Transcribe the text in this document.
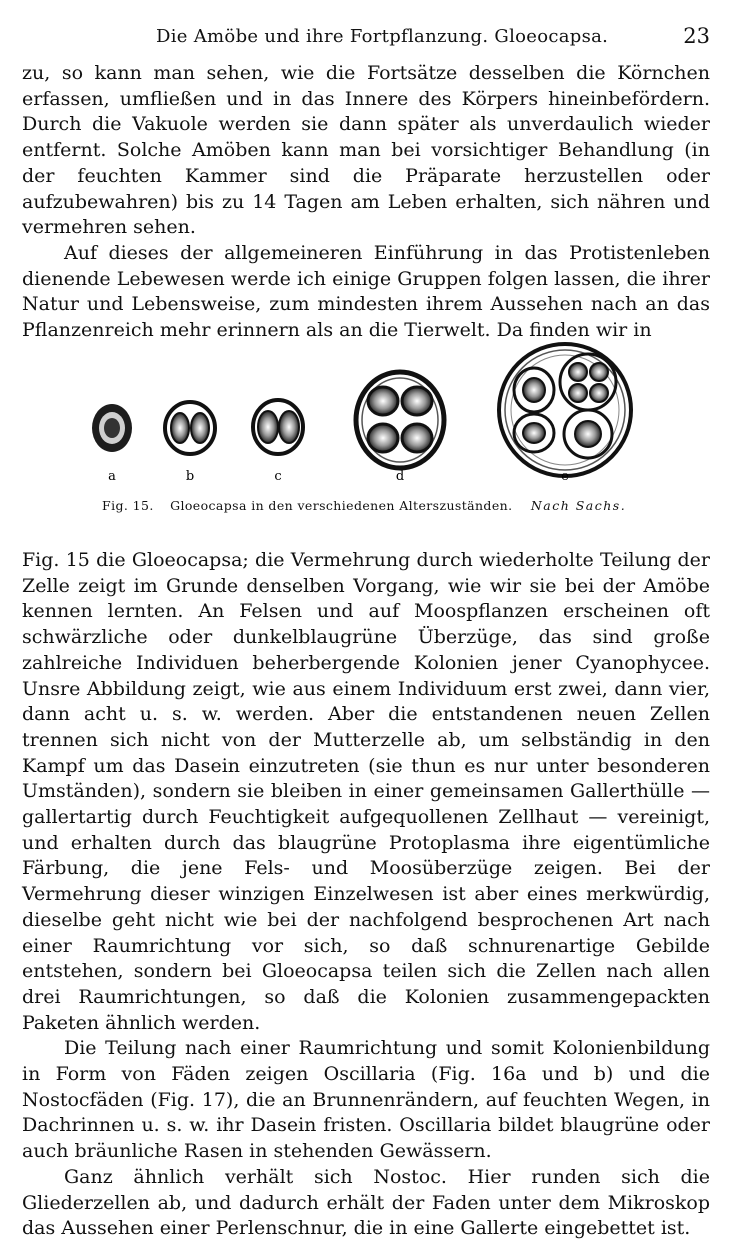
Die Amöbe und ihre Fortpflanzung. Gloeocapsa.	23

zu, so kann man sehen, wie die Fortsätze desselben die Körnchen erfassen, umfließen und in das Innere des Körpers hineinbefördern. Durch die Vakuole werden sie dann später als unverdaulich wieder entfernt. Solche Amöben kann man bei vorsichtiger Behandlung (in der feuchten Kammer sind die Präparate herzustellen oder aufzubewahren) bis zu 14 Tagen am Leben erhalten, sich nähren und vermehren sehen.

Auf dieses der allgemeineren Einführung in das Protistenleben dienende Lebewesen werde ich einige Gruppen folgen lassen, die ihrer Natur und Lebensweise, zum mindesten ihrem Aussehen nach an das Pflanzenreich mehr erinnern als an die Tierwelt. Da finden wir in

a	b	c	d	e
Fig. 15. Gloeocapsa in den verschiedenen Alterszuständen. Nach Sachs.

Fig. 15 die Gloeocapsa; die Vermehrung durch wiederholte Teilung der Zelle zeigt im Grunde denselben Vorgang, wie wir sie bei der Amöbe kennen lernten. An Felsen und auf Moospflanzen erscheinen oft schwärzliche oder dunkelblaugrüne Überzüge, das sind große zahlreiche Individuen beherbergende Kolonien jener Cyanophycee. Unsre Abbildung zeigt, wie aus einem Individuum erst zwei, dann vier, dann acht u. s. w. werden. Aber die entstandenen neuen Zellen trennen sich nicht von der Mutterzelle ab, um selbständig in den Kampf um das Dasein einzutreten (sie thun es nur unter besonderen Umständen), sondern sie bleiben in einer gemeinsamen Gallerthülle — gallertartig durch Feuchtigkeit aufgequollenen Zellhaut — vereinigt, und erhalten durch das blaugrüne Protoplasma ihre eigentümliche Färbung, die jene Fels- und Moosüberzüge zeigen. Bei der Vermehrung dieser winzigen Einzelwesen ist aber eines merkwürdig, dieselbe geht nicht wie bei der nachfolgend besprochenen Art nach einer Raumrichtung vor sich, so daß schnurenartige Gebilde entstehen, sondern bei Gloeocapsa teilen sich die Zellen nach allen drei Raumrichtungen, so daß die Kolonien zusammengepackten Paketen ähnlich werden.

Die Teilung nach einer Raumrichtung und somit Kolonienbildung in Form von Fäden zeigen Oscillaria (Fig. 16a und b) und die Nostocfäden (Fig. 17), die an Brunnenrändern, auf feuchten Wegen, in Dachrinnen u. s. w. ihr Dasein fristen. Oscillaria bildet blaugrüne oder auch bräunliche Rasen in stehenden Gewässern.

Ganz ähnlich verhält sich Nostoc. Hier runden sich die Gliederzellen ab, und dadurch erhält der Faden unter dem Mikroskop das Aussehen einer Perlenschnur, die in eine Gallerte eingebettet ist.
